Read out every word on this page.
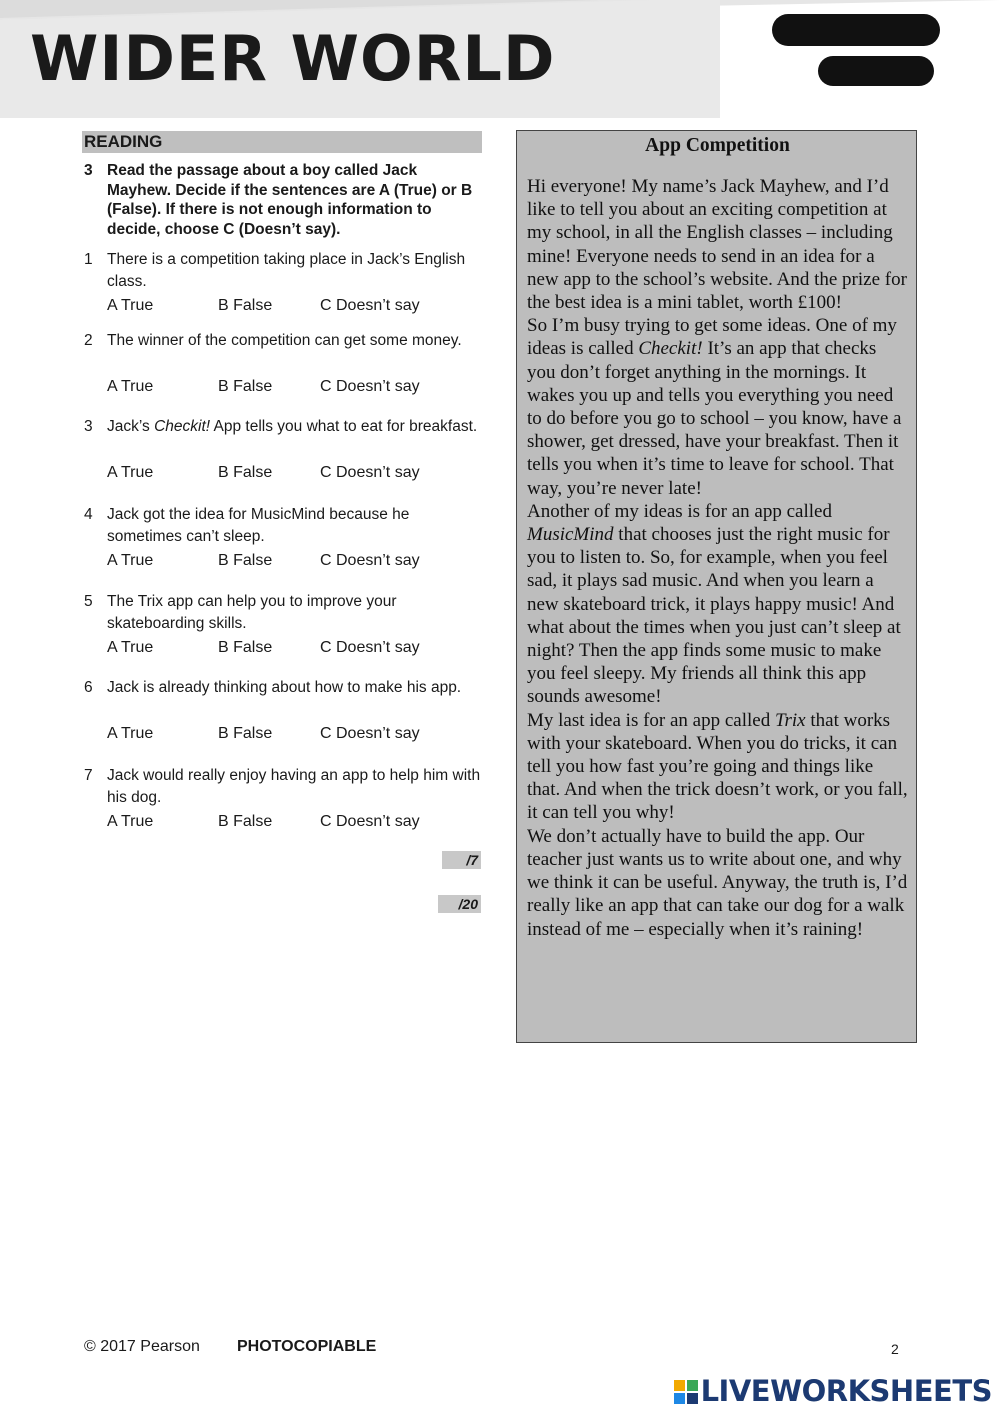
WIDER WORLD
READING
3 Read the passage about a boy called Jack Mayhew. Decide if the sentences are A (True) or B (False). If there is not enough information to decide, choose C (Doesn’t say).
1 There is a competition taking place in Jack’s English class.
A True	B False	C Doesn’t say
2 The winner of the competition can get some money.
A True	B False	C Doesn’t say
3 Jack’s Checkit! App tells you what to eat for breakfast.
A True	B False	C Doesn’t say
4 Jack got the idea for MusicMind because he sometimes can’t sleep.
A True	B False	C Doesn’t say
5 The Trix app can help you to improve your skateboarding skills.
A True	B False	C Doesn’t say
6 Jack is already thinking about how to make his app.
A True	B False	C Doesn’t say
7 Jack would really enjoy having an app to help him with his dog.
A True	B False	C Doesn’t say
/7
/20
App Competition

Hi everyone! My name’s Jack Mayhew, and I’d like to tell you about an exciting competition at my school, in all the English classes – including mine! Everyone needs to send in an idea for a new app to the school’s website. And the prize for the best idea is a mini tablet, worth £100!

So I’m busy trying to get some ideas. One of my ideas is called Checkit! It’s an app that checks you don’t forget anything in the mornings. It wakes you up and tells you everything you need to do before you go to school – you know, have a shower, get dressed, have your breakfast. Then it tells you when it’s time to leave for school. That way, you’re never late!

Another of my ideas is for an app called MusicMind that chooses just the right music for you to listen to. So, for example, when you feel sad, it plays sad music. And when you learn a new skateboard trick, it plays happy music! And what about the times when you just can’t sleep at night? Then the app finds some music to make you feel sleepy. My friends all think this app sounds awesome!

My last idea is for an app called Trix that works with your skateboard. When you do tricks, it can tell you how fast you’re going and things like that. And when the trick doesn’t work, or you fall, it can tell you why!

We don’t actually have to build the app. Our teacher just wants us to write about one, and why we think it can be useful. Anyway, the truth is, I’d really like an app that can take our dog for a walk instead of me – especially when it’s raining!

© 2017 Pearson PHOTOCOPIABLE	2
LIVEWORKSHEETS
